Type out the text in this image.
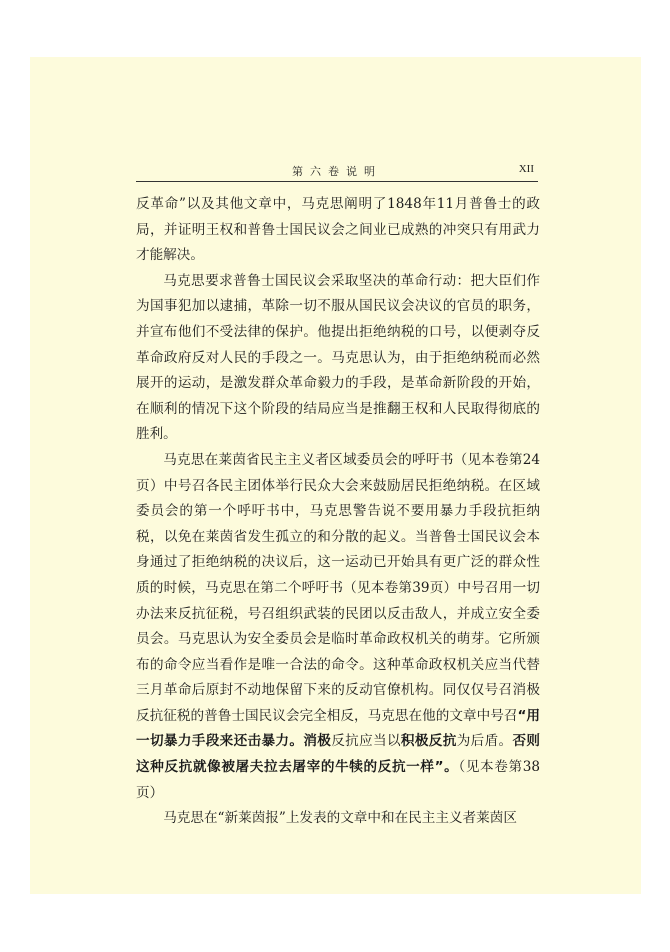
第六卷说明	XII

反革命”以及其他文章中，马克思阐明了1848年11月普鲁士的政局，并证明王权和普鲁士国民议会之间业已成熟的冲突只有用武力才能解决。

马克思要求普鲁士国民议会采取坚决的革命行动：把大臣们作为国事犯加以逮捕，革除一切不服从国民议会决议的官员的职务，并宣布他们不受法律的保护。他提出拒绝纳税的口号，以便剥夺反革命政府反对人民的手段之一。马克思认为，由于拒绝纳税而必然展开的运动，是激发群众革命毅力的手段，是革命新阶段的开始，在顺利的情况下这个阶段的结局应当是推翻王权和人民取得彻底的胜利。

马克思在莱茵省民主主义者区域委员会的呼吁书（见本卷第24页）中号召各民主团体举行民众大会来鼓励居民拒绝纳税。在区域委员会的第一个呼吁书中，马克思警告说不要用暴力手段抗拒纳税，以免在莱茵省发生孤立的和分散的起义。当普鲁士国民议会本身通过了拒绝纳税的决议后，这一运动已开始具有更广泛的群众性质的时候，马克思在第二个呼吁书（见本卷第39页）中号召用一切办法来反抗征税，号召组织武装的民团以反击敌人，并成立安全委员会。马克思认为安全委员会是临时革命政权机关的萌芽。它所颁布的命令应当看作是唯一合法的命令。这种革命政权机关应当代替三月革命后原封不动地保留下来的反动官僚机构。同仅仅号召消极反抗征税的普鲁士国民议会完全相反，马克思在他的文章中号召“用一切暴力手段来还击暴力。消极反抗应当以积极反抗为后盾。否则这种反抗就像被屠夫拉去屠宰的牛犊的反抗一样”。（见本卷第38页）

马克思在“新莱茵报”上发表的文章中和在民主主义者莱茵区
